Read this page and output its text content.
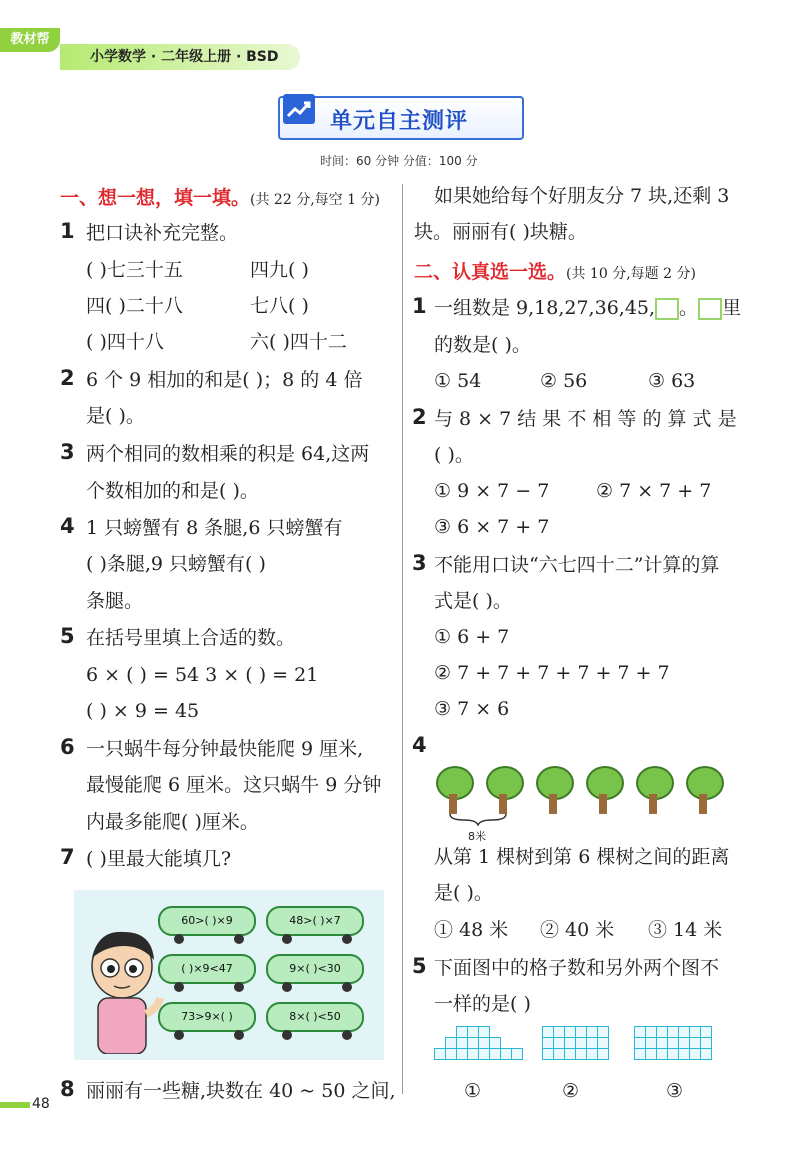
教材帮
小学数学 · 二年级上册 · BSD
单元自主测评
时间：60 分钟 分值：100 分
一、想一想，填一填。(共 22 分,每空 1 分)
1 把口诀补充完整。
( )七三十五	四九( )
四( )二十八	七八( )
( )四十八	六( )四十二
2 6 个 9 相加的和是( )；8 的 4 倍
是( )。
3 两个相同的数相乘的积是 64,这两
个数相加的和是( )。
4 1 只螃蟹有 8 条腿,6 只螃蟹有
( )条腿,9 只螃蟹有( )
条腿。
5 在括号里填上合适的数。
6 × ( ) = 54 3 × ( ) = 21
( ) × 9 = 45
6 一只蜗牛每分钟最快能爬 9 厘米,
最慢能爬 6 厘米。这只蜗牛 9 分钟
内最多能爬( )厘米。
7 ( )里最大能填几?
60>( )×9	48>( )×7
( )×9<47	9×( )<30
73>9×( )	8×( )<50
8 丽丽有一些糖,块数在 40 ~ 50 之间,
如果她给每个好朋友分 7 块,还剩 3
块。丽丽有( )块糖。
二、认真选一选。(共 10 分,每题 2 分)
1 一组数是 9,18,27,36,45, 。 里
的数是( )。
① 54	② 56	③ 63
2 与 8 × 7 结 果 不 相 等 的 算 式 是
( )。
① 9 × 7 − 7 ② 7 × 7 + 7
③ 6 × 7 + 7
3 不能用口诀“六七四十二”计算的算
式是( )。
① 6 + 7
② 7 + 7 + 7 + 7 + 7 + 7
③ 7 × 6
4
8米
从第 1 棵树到第 6 棵树之间的距离
是( )。
① 48 米 ② 40 米 ③ 14 米
5 下面图中的格子数和另外两个图不
一样的是( )
①	②	③
48
